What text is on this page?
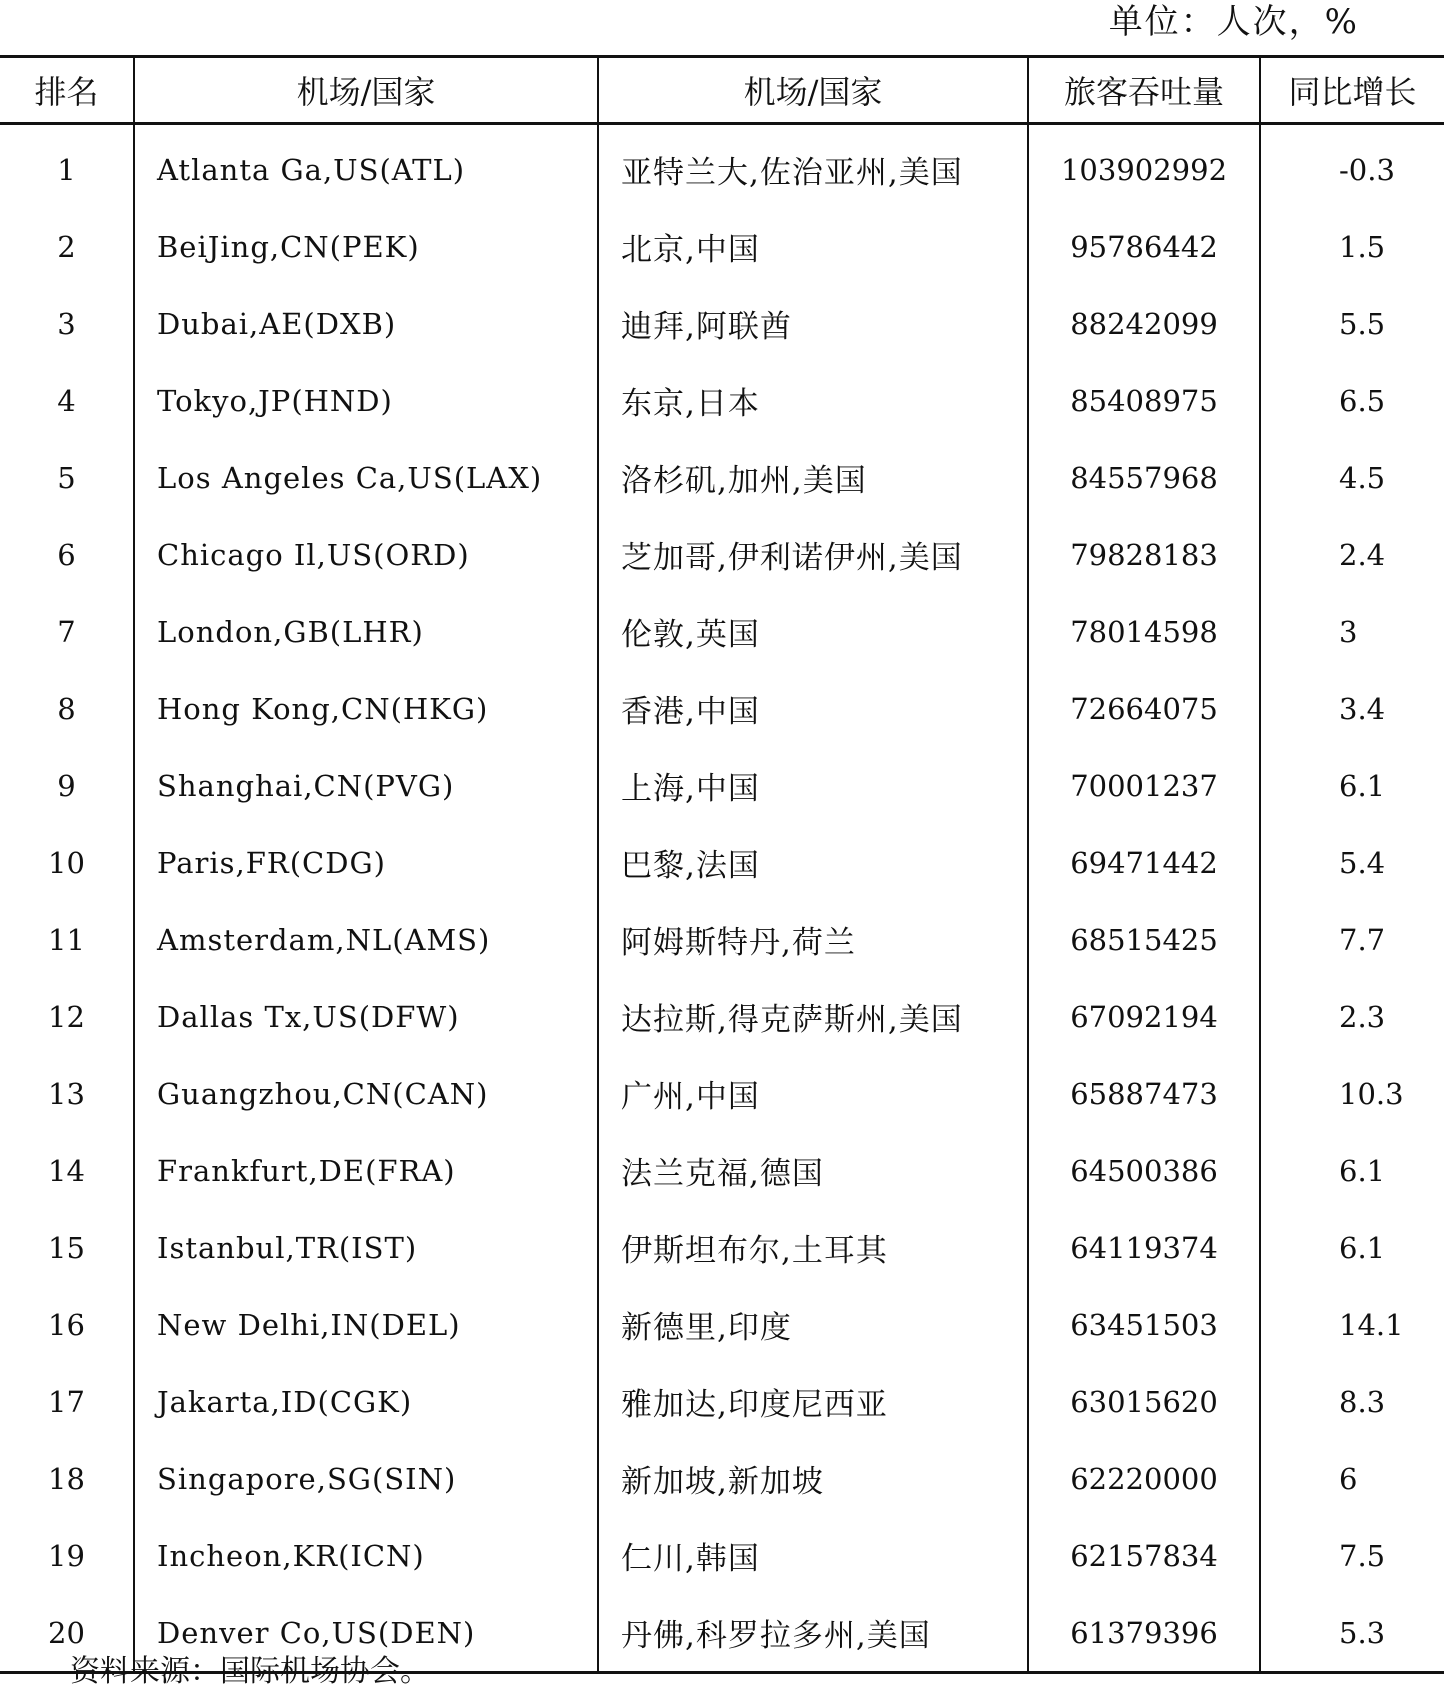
单位：人次，%
排名	机场/国家	机场/国家	旅客吞吐量	同比增长
1	Atlanta Ga,US(ATL)	亚特兰大,佐治亚州,美国	103902992	-0.3
2	BeiJing,CN(PEK)	北京,中国	95786442	1.5
3	Dubai,AE(DXB)	迪拜,阿联酋	88242099	5.5
4	Tokyo,JP(HND)	东京,日本	85408975	6.5
5	Los Angeles Ca,US(LAX)	洛杉矶,加州,美国	84557968	4.5
6	Chicago Il,US(ORD)	芝加哥,伊利诺伊州,美国	79828183	2.4
7	London,GB(LHR)	伦敦,英国	78014598	3
8	Hong Kong,CN(HKG)	香港,中国	72664075	3.4
9	Shanghai,CN(PVG)	上海,中国	70001237	6.1
10	Paris,FR(CDG)	巴黎,法国	69471442	5.4
11	Amsterdam,NL(AMS)	阿姆斯特丹,荷兰	68515425	7.7
12	Dallas Tx,US(DFW)	达拉斯,得克萨斯州,美国	67092194	2.3
13	Guangzhou,CN(CAN)	广州,中国	65887473	10.3
14	Frankfurt,DE(FRA)	法兰克福,德国	64500386	6.1
15	Istanbul,TR(IST)	伊斯坦布尔,土耳其	64119374	6.1
16	New Delhi,IN(DEL)	新德里,印度	63451503	14.1
17	Jakarta,ID(CGK)	雅加达,印度尼西亚	63015620	8.3
18	Singapore,SG(SIN)	新加坡,新加坡	62220000	6
19	Incheon,KR(ICN)	仁川,韩国	62157834	7.5
20	Denver Co,US(DEN)	丹佛,科罗拉多州,美国	61379396	5.3
资料来源：国际机场协会。
